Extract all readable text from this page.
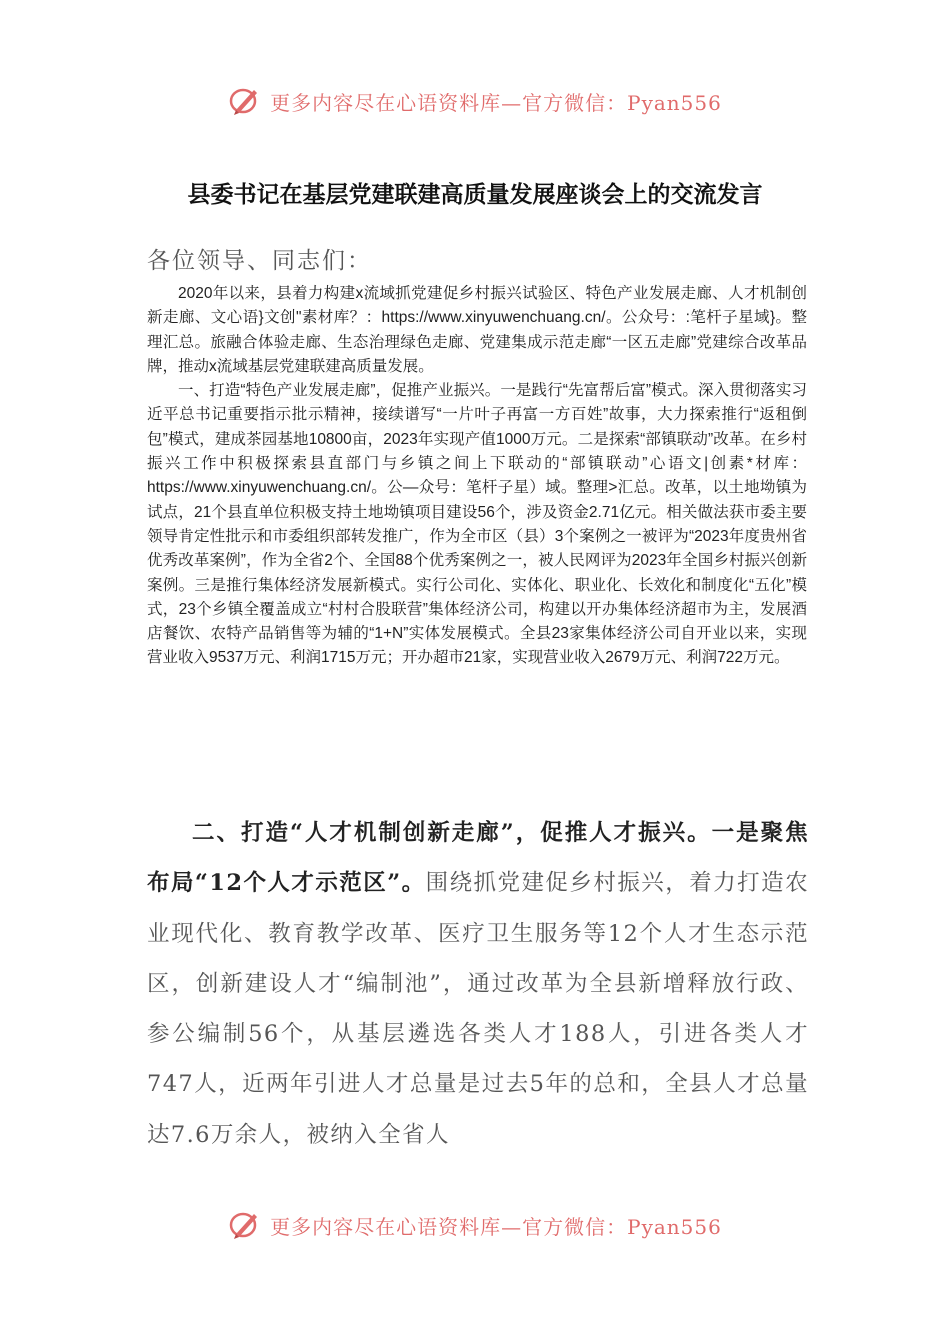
更多内容尽在心语资料库—官方微信：Pyan556
县委书记在基层党建联建高质量发展座谈会上的交流发言
各位领导、同志们：

2020年以来，县着力构建x流域抓党建促乡村振兴试验区、特色产业发展走廊、人才机制创新走廊、文心语}文创"素材库？：https://www.xinyuwenchuang.cn/。公众号：:笔杆子星域}。整理汇总。旅融合体验走廊、生态治理绿色走廊、党建集成示范走廊“一区五走廊”党建综合改革品牌，推动x流域基层党建联建高质量发展。

一、打造“特色产业发展走廊”，促推产业振兴。一是践行“先富帮后富”模式。深入贯彻落实习近平总书记重要指示批示精神，接续谱写“一片叶子再富一方百姓”故事，大力探索推行“返租倒包”模式，建成茶园基地10800亩，2023年实现产值1000万元。二是探索“部镇联动”改革。在乡村振兴工作中积极探索县直部门与乡镇之间上下联动的“部镇联动”心语文|创素*材库：https://www.xinyuwenchuang.cn/。公—众号：笔杆子星）域。整理>汇总。改革，以土地坳镇为试点，21个县直单位积极支持土地坳镇项目建设56个，涉及资金2.71亿元。相关做法获市委主要领导肯定性批示和市委组织部转发推广，作为全市区（县）3个案例之一被评为“2023年度贵州省优秀改革案例”，作为全省2个、全国88个优秀案例之一，被人民网评为2023年全国乡村振兴创新案例。三是推行集体经济发展新模式。实行公司化、实体化、职业化、长效化和制度化“五化”模式，23个乡镇全覆盖成立“村村合股联营”集体经济公司，构建以开办集体经济超市为主，发展酒店餐饮、农特产品销售等为辅的“1+N”实体发展模式。全县23家集体经济公司自开业以来，实现营业收入9537万元、利润1715万元；开办超市21家，实现营业收入2679万元、利润722万元。

二、打造“人才机制创新走廊”，促推人才振兴。一是聚焦布局“12个人才示范区”。围绕抓党建促乡村振兴，着力打造农业现代化、教育教学改革、医疗卫生服务等12个人才生态示范区，创新建设人才“编制池”，通过改革为全县新增释放行政、参公编制56个，从基层遴选各类人才188人，引进各类人才747人，近两年引进人才总量是过去5年的总和，全县人才总量达7.6万余人，被纳入全省人

更多内容尽在心语资料库—官方微信：Pyan556
